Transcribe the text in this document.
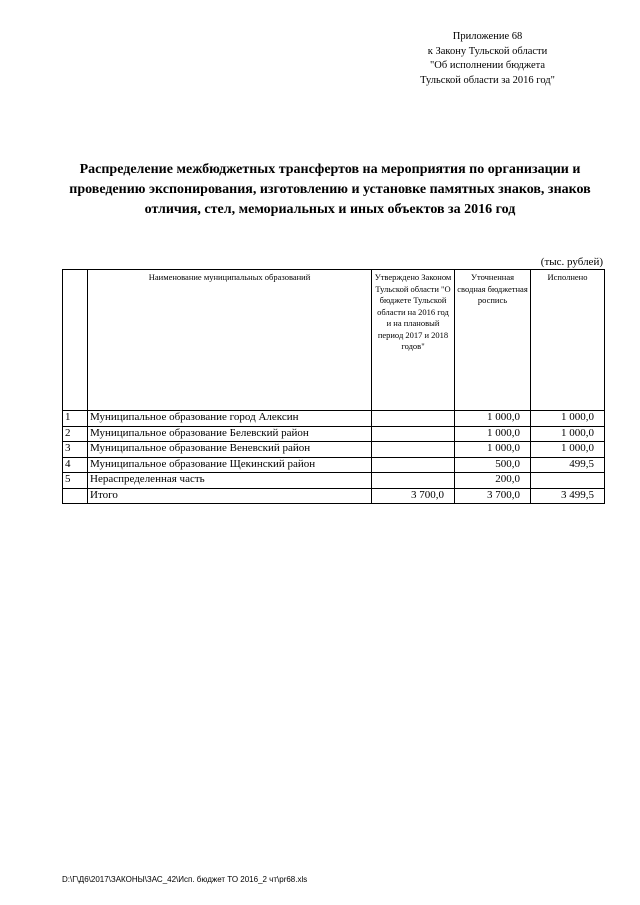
Приложение 68
к Закону Тульской области
"Об исполнении бюджета
Тульской области за 2016 год"
Распределение межбюджетных трансфертов на мероприятия по организации и
проведению экспонирования, изготовлению и установке памятных знаков, знаков
отличия, стел, мемориальных и иных объектов за 2016 год
(тыс. рублей)
	Наименование муниципальных образований	Утверждено Законом Тульской области "О бюджете Тульской области на 2016 год и на плановый период 2017 и 2018 годов"	Уточненная сводная бюджетная роспись	Исполнено
1	Муниципальное образование город Алексин		1 000,0	1 000,0
2	Муниципальное образование Белевский район		1 000,0	1 000,0
3	Муниципальное образование Веневский район		1 000,0	1 000,0
4	Муниципальное образование Щекинский район		500,0	499,5
5	Нераспределенная часть		200,0	
	Итого	3 700,0	3 700,0	3 499,5
D:\Г\Д6\2017\ЗАКОНЫ\ЗАС_42\Исп. бюджет ТО 2016_2 чт\pr68.xls
